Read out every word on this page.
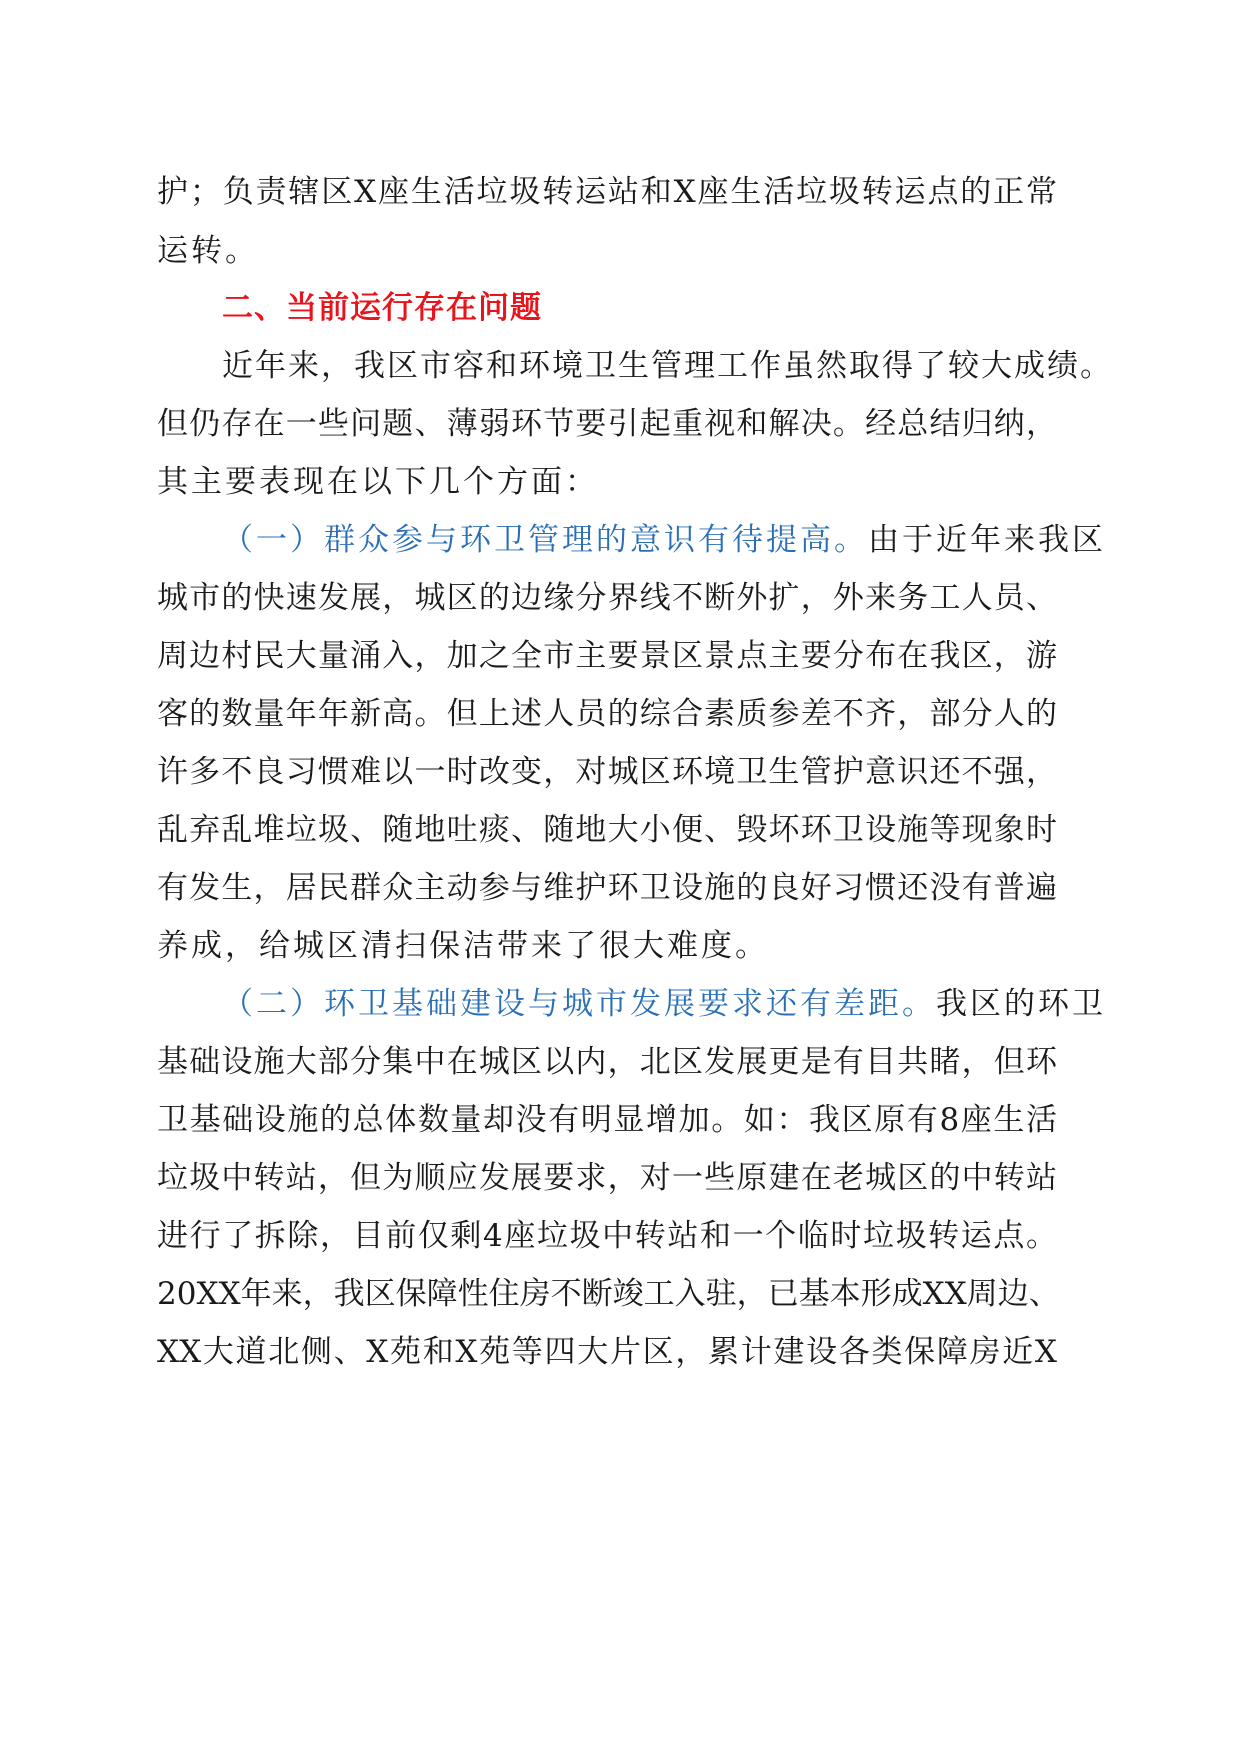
护；负责辖区X座生活垃圾转运站和X座生活垃圾转运点的正常
运转。
二、当前运行存在问题
近年来，我区市容和环境卫生管理工作虽然取得了较大成绩。
但仍存在一些问题、薄弱环节要引起重视和解决。经总结归纳，
其主要表现在以下几个方面：
（一）群众参与环卫管理的意识有待提高。由于近年来我区
城市的快速发展，城区的边缘分界线不断外扩，外来务工人员、
周边村民大量涌入，加之全市主要景区景点主要分布在我区，游
客的数量年年新高。但上述人员的综合素质参差不齐，部分人的
许多不良习惯难以一时改变，对城区环境卫生管护意识还不强，
乱弃乱堆垃圾、随地吐痰、随地大小便、毁坏环卫设施等现象时
有发生，居民群众主动参与维护环卫设施的良好习惯还没有普遍
养成，给城区清扫保洁带来了很大难度。
（二）环卫基础建设与城市发展要求还有差距。我区的环卫
基础设施大部分集中在城区以内，北区发展更是有目共睹，但环
卫基础设施的总体数量却没有明显增加。如：我区原有8座生活
垃圾中转站，但为顺应发展要求，对一些原建在老城区的中转站
进行了拆除，目前仅剩4座垃圾中转站和一个临时垃圾转运点。
20XX年来，我区保障性住房不断竣工入驻，已基本形成XX周边、
XX大道北侧、X苑和X苑等四大片区，累计建设各类保障房近X
